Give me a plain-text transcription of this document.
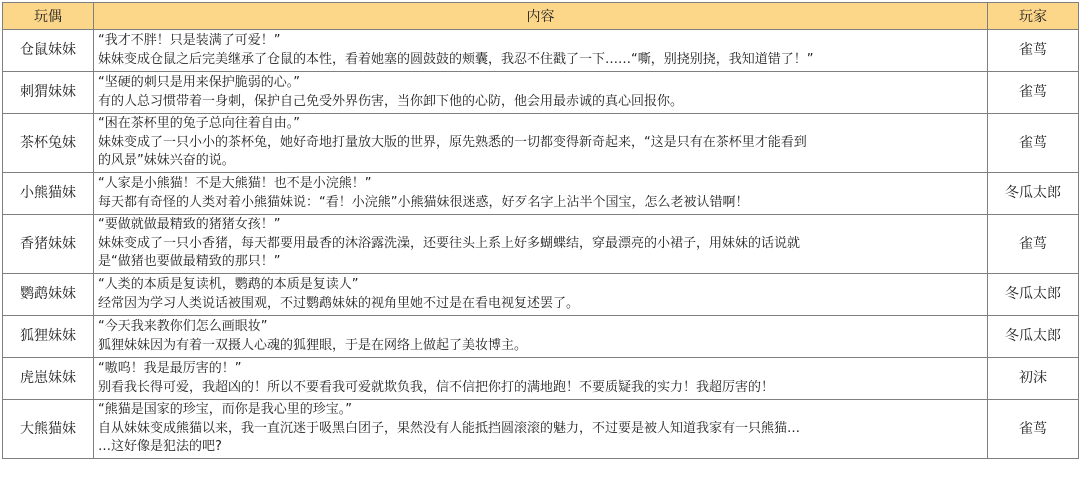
玩偶	内容	玩家
仓鼠妹妹	“我才不胖！只是装满了可爱！”
妹妹变成仓鼠之后完美继承了仓鼠的本性，看着她塞的圆鼓鼓的颊囊，我忍不住戳了一下……“嘶，别挠别挠，我知道错了！”	雀茑
刺猬妹妹	“坚硬的刺只是用来保护脆弱的心。”
有的人总习惯带着一身刺，保护自己免受外界伤害，当你卸下他的心防，他会用最赤诚的真心回报你。	雀茑
茶杯兔妹	“困在茶杯里的兔子总向往着自由。”
妹妹变成了一只小小的茶杯兔，她好奇地打量放大版的世界，原先熟悉的一切都变得新奇起来，“这是只有在茶杯里才能看到
的风景”妹妹兴奋的说。	雀茑
小熊猫妹	“人家是小熊猫！不是大熊猫！也不是小浣熊！”
每天都有奇怪的人类对着小熊猫妹说：“看！小浣熊”小熊猫妹很迷惑，好歹名字上沾半个国宝，怎么老被认错啊！	冬瓜太郎
香猪妹妹	“要做就做最精致的猪猪女孩！”
妹妹变成了一只小香猪，每天都要用最香的沐浴露洗澡，还要往头上系上好多蝴蝶结，穿最漂亮的小裙子，用妹妹的话说就
是“做猪也要做最精致的那只！”	雀茑
鹦鹉妹妹	“人类的本质是复读机，鹦鹉的本质是复读人”
经常因为学习人类说话被围观，不过鹦鹉妹妹的视角里她不过是在看电视复述罢了。	冬瓜太郎
狐狸妹妹	“今天我来教你们怎么画眼妆”
狐狸妹妹因为有着一双摄人心魂的狐狸眼，于是在网络上做起了美妆博主。	冬瓜太郎
虎崽妹妹	“嗷呜！我是最厉害的！”
别看我长得可爱，我超凶的！所以不要看我可爱就欺负我，信不信把你打的满地跑！不要质疑我的实力！我超厉害的！	初沫
大熊猫妹	“熊猫是国家的珍宝，而你是我心里的珍宝。”
自从妹妹变成熊猫以来，我一直沉迷于吸黑白团子，果然没有人能抵挡圆滚滚的魅力，不过要是被人知道我家有一只熊猫…
…这好像是犯法的吧?	雀茑
